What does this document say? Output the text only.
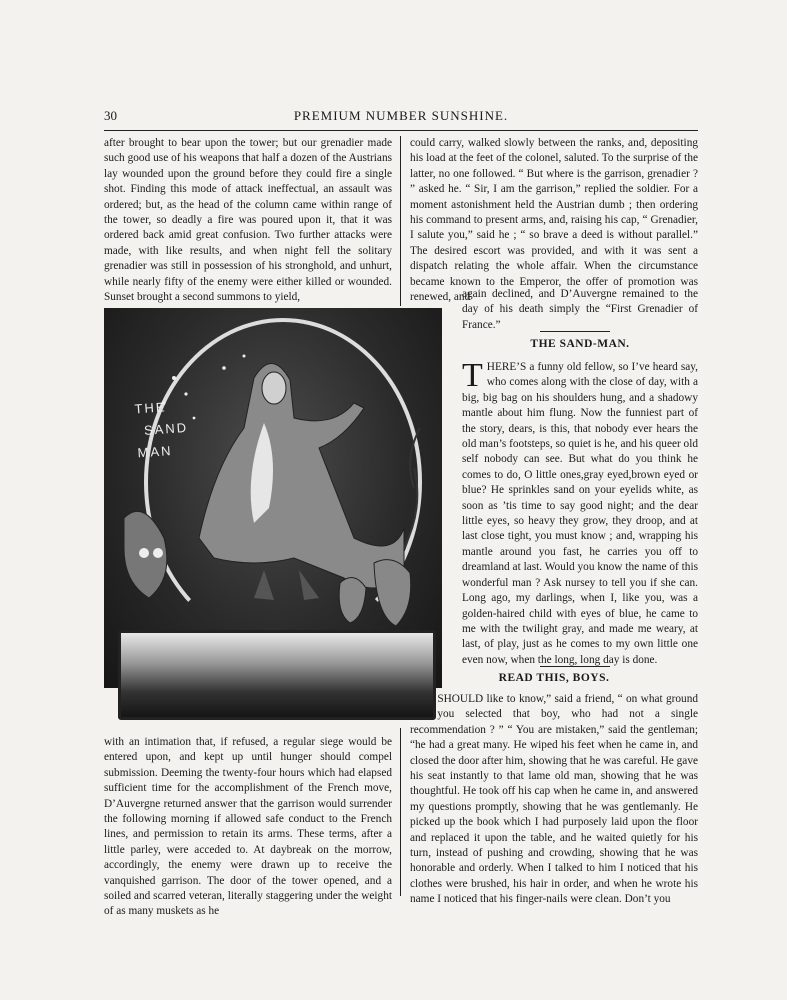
30	PREMIUM NUMBER SUNSHINE.

after brought to bear upon the tower; but our grenadier made such good use of his weapons that half a dozen of the Austrians lay wounded upon the ground before they could fire a single shot. Finding this mode of attack ineffectual, an assault was ordered; but, as the head of the column came within range of the tower, so deadly a fire was poured upon it, that it was ordered back amid great confusion. Two further attacks were made, with like results, and when night fell the solitary grenadier was still in possession of his stronghold, and unhurt, while nearly fifty of the enemy were either killed or wounded. Sunset brought a second summons to yield,

could carry, walked slowly between the ranks, and, depositing his load at the feet of the colonel, saluted. To the surprise of the latter, no one followed. “ But where is the garrison, grenadier ? ” asked he. “ Sir, I am the garrison,” replied the soldier. For a moment astonishment held the Austrian dumb ; then ordering his command to present arms, and, raising his cap, “ Grenadier, I salute you,” said he ; “ so brave a deed is without parallel.” The desired escort was provided, and with it was sent a dispatch relating the whole affair. When the circumstance became known to the Emperor, the offer of promotion was renewed, and

again declined, and D’Auvergne remained to the day of his death simply the “First Grenadier of France.”

THE SAND-MAN.
T HERE’S a funny old fellow, so I’ve heard say, who comes along with the close of day, with a big, big bag on his shoulders hung, and a shadowy mantle about him flung. Now the funniest part of the story, dears, is this, that nobody ever hears the old man’s footsteps, so quiet is he, and his queer old self nobody can see. But what do you think he comes to do, O little ones,gray eyed,brown eyed or blue? He sprinkles sand on your eyelids white, as soon as ’tis time to say good night; and the dear little eyes, so heavy they grow, they droop, and at last close tight, you must know ; and, wrapping his mantle around you fast, he carries you off to dreamland at last. Would you know the name of this wonderful man ? Ask nursey to tell you if she can. Long ago, my darlings, when I, like you, was a golden-haired child with eyes of blue, he came to me with the twilight gray, and made me weary, at last, of play, just as he comes to my own little one even now, when the long, long day is done.
READ THIS, BOYS.
SHOULD like to know,” said a friend, “ on what ground you selected that boy, who had not a single recommendation ? ” “ You are mistaken,” said the gentleman; “he had a great many. He wiped his feet when he came in, and closed the door after him, showing that he was careful. He gave his seat instantly to that lame old man, showing that he was thoughtful. He took off his cap when he came in, and answered my questions promptly, showing that he was gentlemanly. He picked up the book which I had purposely laid upon the floor and replaced it upon the table, and he waited quietly for his turn, instead of pushing and crowding, showing that he was honorable and orderly. When I talked to him I noticed that his clothes were brushed, his hair in order, and when he wrote his name I noticed that his finger-nails were clean. Don’t you

with an intimation that, if refused, a regular siege would be entered upon, and kept up until hunger should compel submission. Deeming the twenty-four hours which had elapsed sufficient time for the accomplishment of the French move, D’Auvergne returned answer that the garrison would surrender the following morning if allowed safe conduct to the French lines, and permission to retain its arms. These terms, after a little parley, were acceded to. At daybreak on the morrow, accordingly, the enemy were drawn up to receive the vanquished garrison. The door of the tower opened, and a soiled and scarred veteran, literally staggering under the weight of as many muskets as he

THE
SAND
MAN
